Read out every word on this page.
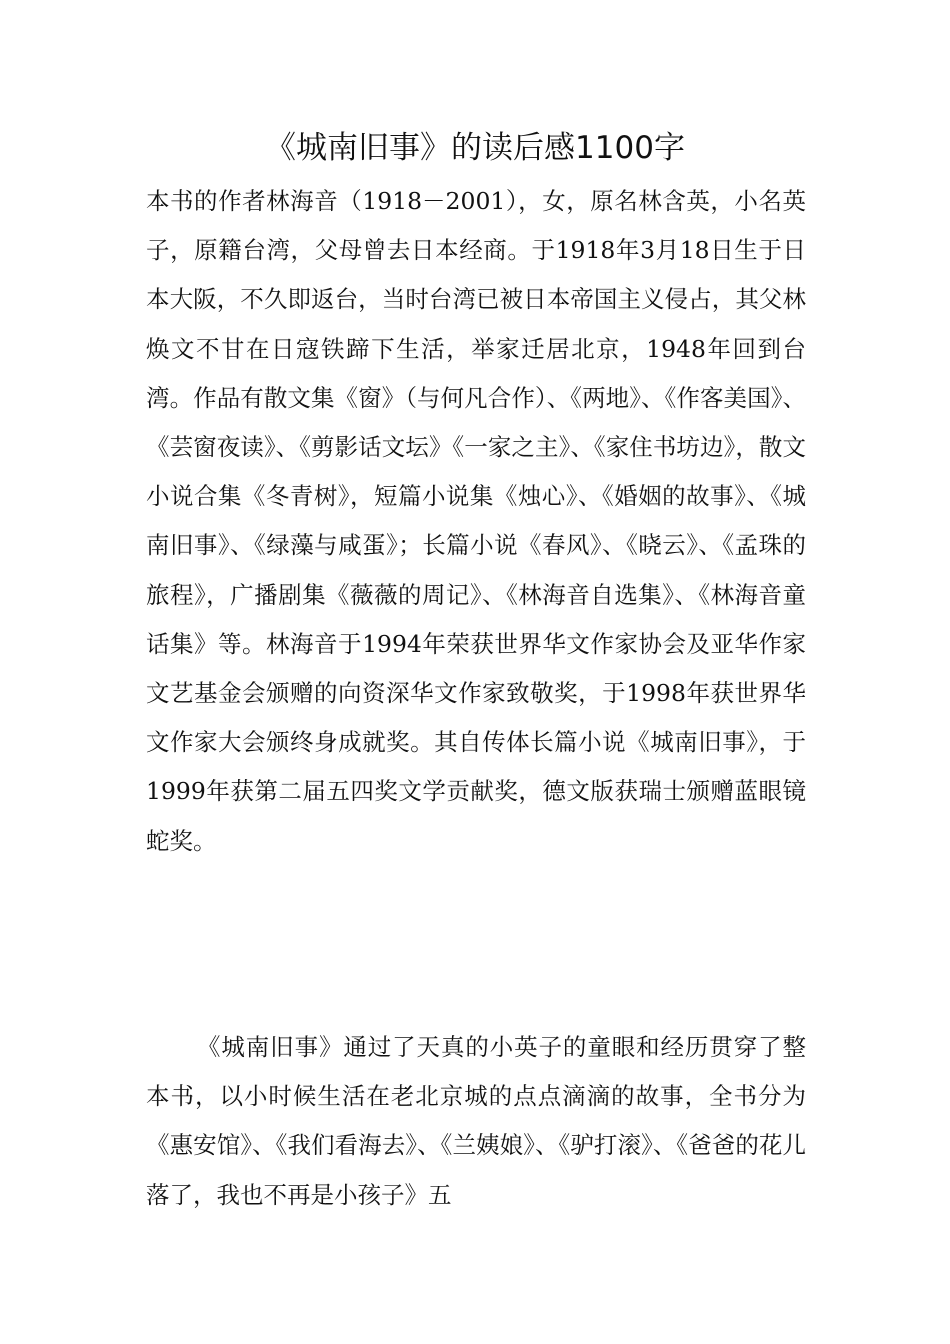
《城南旧事》的读后感1100字

本书的作者林海音（1918－2001），女，原名林含英，小名英子，原籍台湾，父母曾去日本经商。于1918年3月18日生于日本大阪，不久即返台，当时台湾已被日本帝国主义侵占，其父林焕文不甘在日寇铁蹄下生活，举家迁居北京，1948年回到台湾。作品有散文集《窗》（与何凡合作）、《两地》、《作客美国》、《芸窗夜读》、《剪影话文坛》《一家之主》、《家住书坊边》，散文小说合集《冬青树》，短篇小说集《烛心》、《婚姻的故事》、《城南旧事》、《绿藻与咸蛋》；长篇小说《春风》、《晓云》、《孟珠的旅程》，广播剧集《薇薇的周记》、《林海音自选集》、《林海音童话集》等。林海音于1994年荣获世界华文作家协会及亚华作家文艺基金会颁赠的向资深华文作家致敬奖，于1998年获世界华文作家大会颁终身成就奖。其自传体长篇小说《城南旧事》，于1999年获第二届五四奖文学贡献奖，德文版获瑞士颁赠蓝眼镜蛇奖。

《城南旧事》通过了天真的小英子的童眼和经历贯穿了整本书，以小时候生活在老北京城的点点滴滴的故事，全书分为《惠安馆》、《我们看海去》、《兰姨娘》、《驴打滚》、《爸爸的花儿落了，我也不再是小孩子》五
